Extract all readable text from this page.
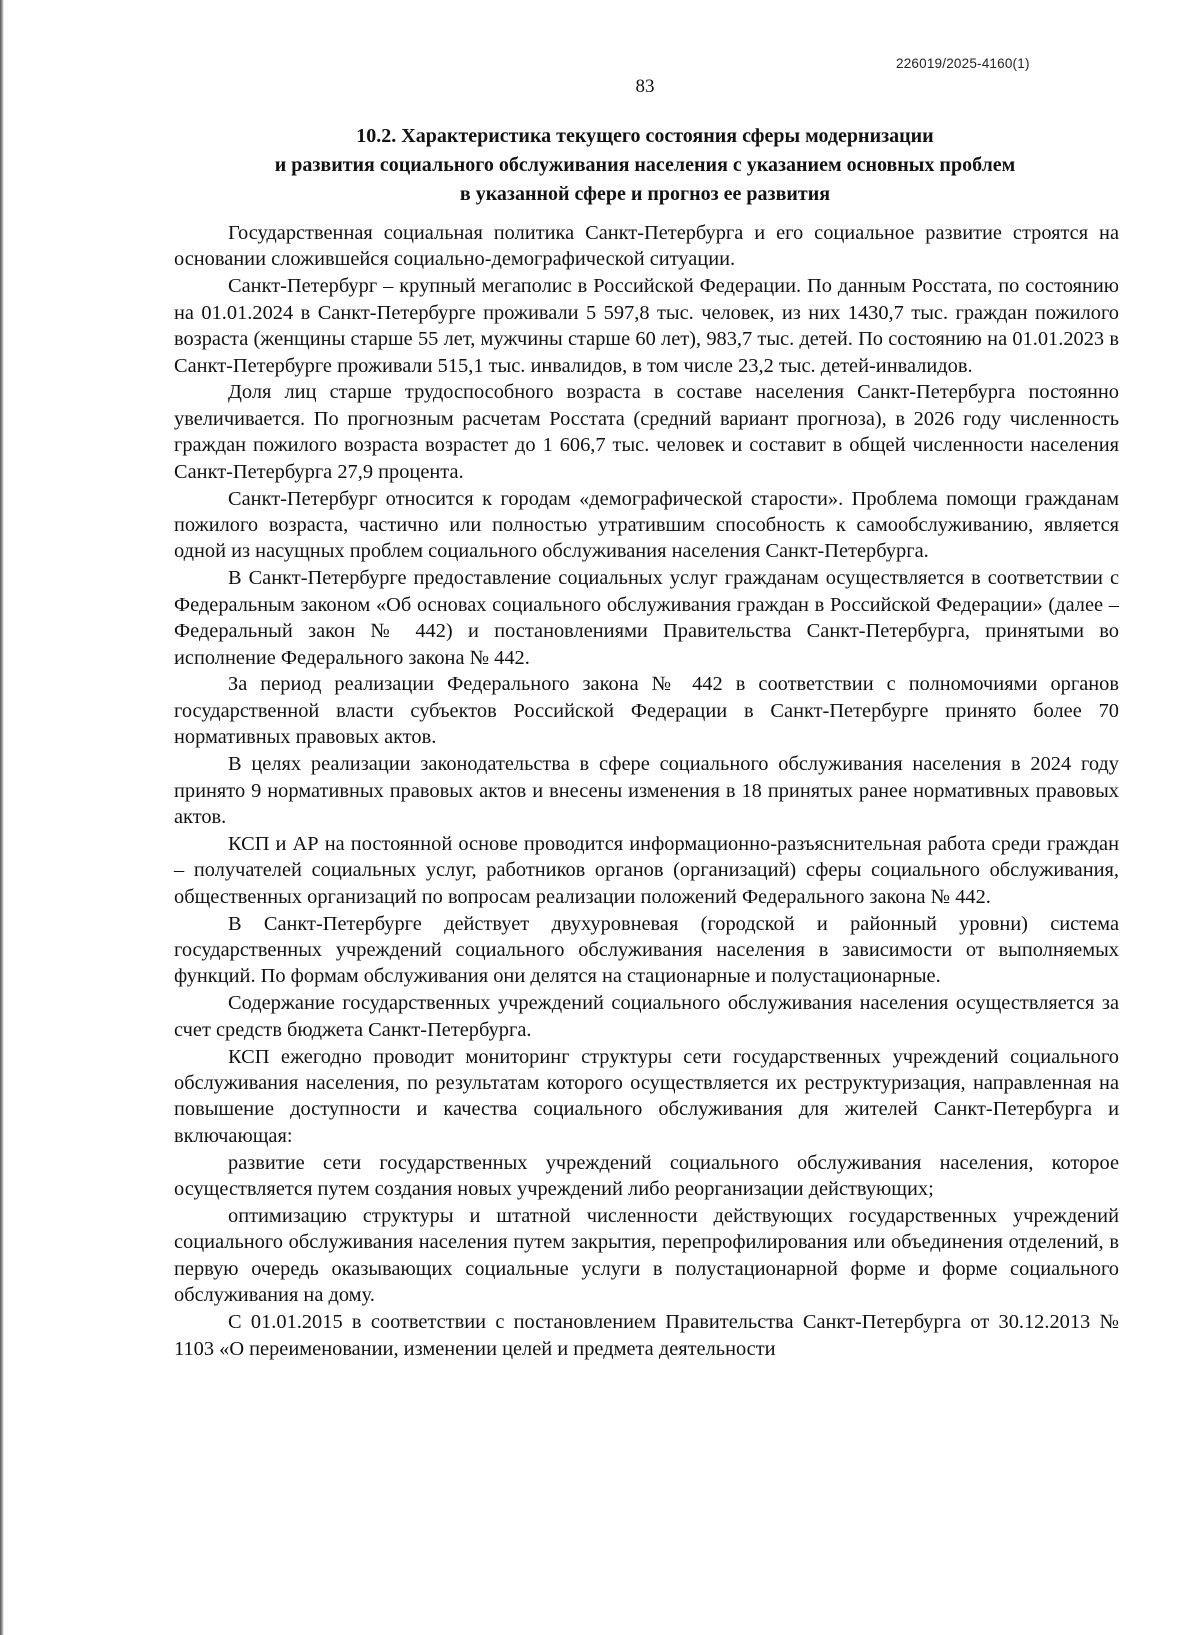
226019/2025-4160(1)
83
10.2. Характеристика текущего состояния сферы модернизации
и развития социального обслуживания населения с указанием основных проблем
в указанной сфере и прогноз ее развития

Государственная социальная политика Санкт-Петербурга и его социальное развитие строятся на основании сложившейся социально-демографической ситуации.

Санкт-Петербург – крупный мегаполис в Российской Федерации. По данным Росстата, по состоянию на 01.01.2024 в Санкт-Петербурге проживали 5 597,8 тыс. человек, из них 1430,7 тыс. граждан пожилого возраста (женщины старше 55 лет, мужчины старше 60 лет), 983,7 тыс. детей. По состоянию на 01.01.2023 в Санкт-Петербурге проживали 515,1 тыс. инвалидов, в том числе 23,2 тыс. детей-инвалидов.

Доля лиц старше трудоспособного возраста в составе населения Санкт-Петербурга постоянно увеличивается. По прогнозным расчетам Росстата (средний вариант прогноза), в 2026 году численность граждан пожилого возраста возрастет до 1 606,7 тыс. человек и составит в общей численности населения Санкт-Петербурга 27,9 процента.

Санкт-Петербург относится к городам «демографической старости». Проблема помощи гражданам пожилого возраста, частично или полностью утратившим способность к самообслуживанию, является одной из насущных проблем социального обслуживания населения Санкт-Петербурга.

В Санкт-Петербурге предоставление социальных услуг гражданам осуществляется в соответствии с Федеральным законом «Об основах социального обслуживания граждан в Российской Федерации» (далее – Федеральный закон № 442) и постановлениями Правительства Санкт-Петербурга, принятыми во исполнение Федерального закона № 442.

За период реализации Федерального закона № 442 в соответствии с полномочиями органов государственной власти субъектов Российской Федерации в Санкт-Петербурге принято более 70 нормативных правовых актов.

В целях реализации законодательства в сфере социального обслуживания населения в 2024 году принято 9 нормативных правовых актов и внесены изменения в 18 принятых ранее нормативных правовых актов.

КСП и АР на постоянной основе проводится информационно-разъяснительная работа среди граждан – получателей социальных услуг, работников органов (организаций) сферы социального обслуживания, общественных организаций по вопросам реализации положений Федерального закона № 442.

В Санкт-Петербурге действует двухуровневая (городской и районный уровни) система государственных учреждений социального обслуживания населения в зависимости от выполняемых функций. По формам обслуживания они делятся на стационарные и полустационарные.

Содержание государственных учреждений социального обслуживания населения осуществляется за счет средств бюджета Санкт-Петербурга.

КСП ежегодно проводит мониторинг структуры сети государственных учреждений социального обслуживания населения, по результатам которого осуществляется их реструктуризация, направленная на повышение доступности и качества социального обслуживания для жителей Санкт-Петербурга и включающая:

развитие сети государственных учреждений социального обслуживания населения, которое осуществляется путем создания новых учреждений либо реорганизации действующих;

оптимизацию структуры и штатной численности действующих государственных учреждений социального обслуживания населения путем закрытия, перепрофилирования или объединения отделений, в первую очередь оказывающих социальные услуги в полустационарной форме и форме социального обслуживания на дому.

С 01.01.2015 в соответствии с постановлением Правительства Санкт-Петербурга от 30.12.2013 № 1103 «О переименовании, изменении целей и предмета деятельности
